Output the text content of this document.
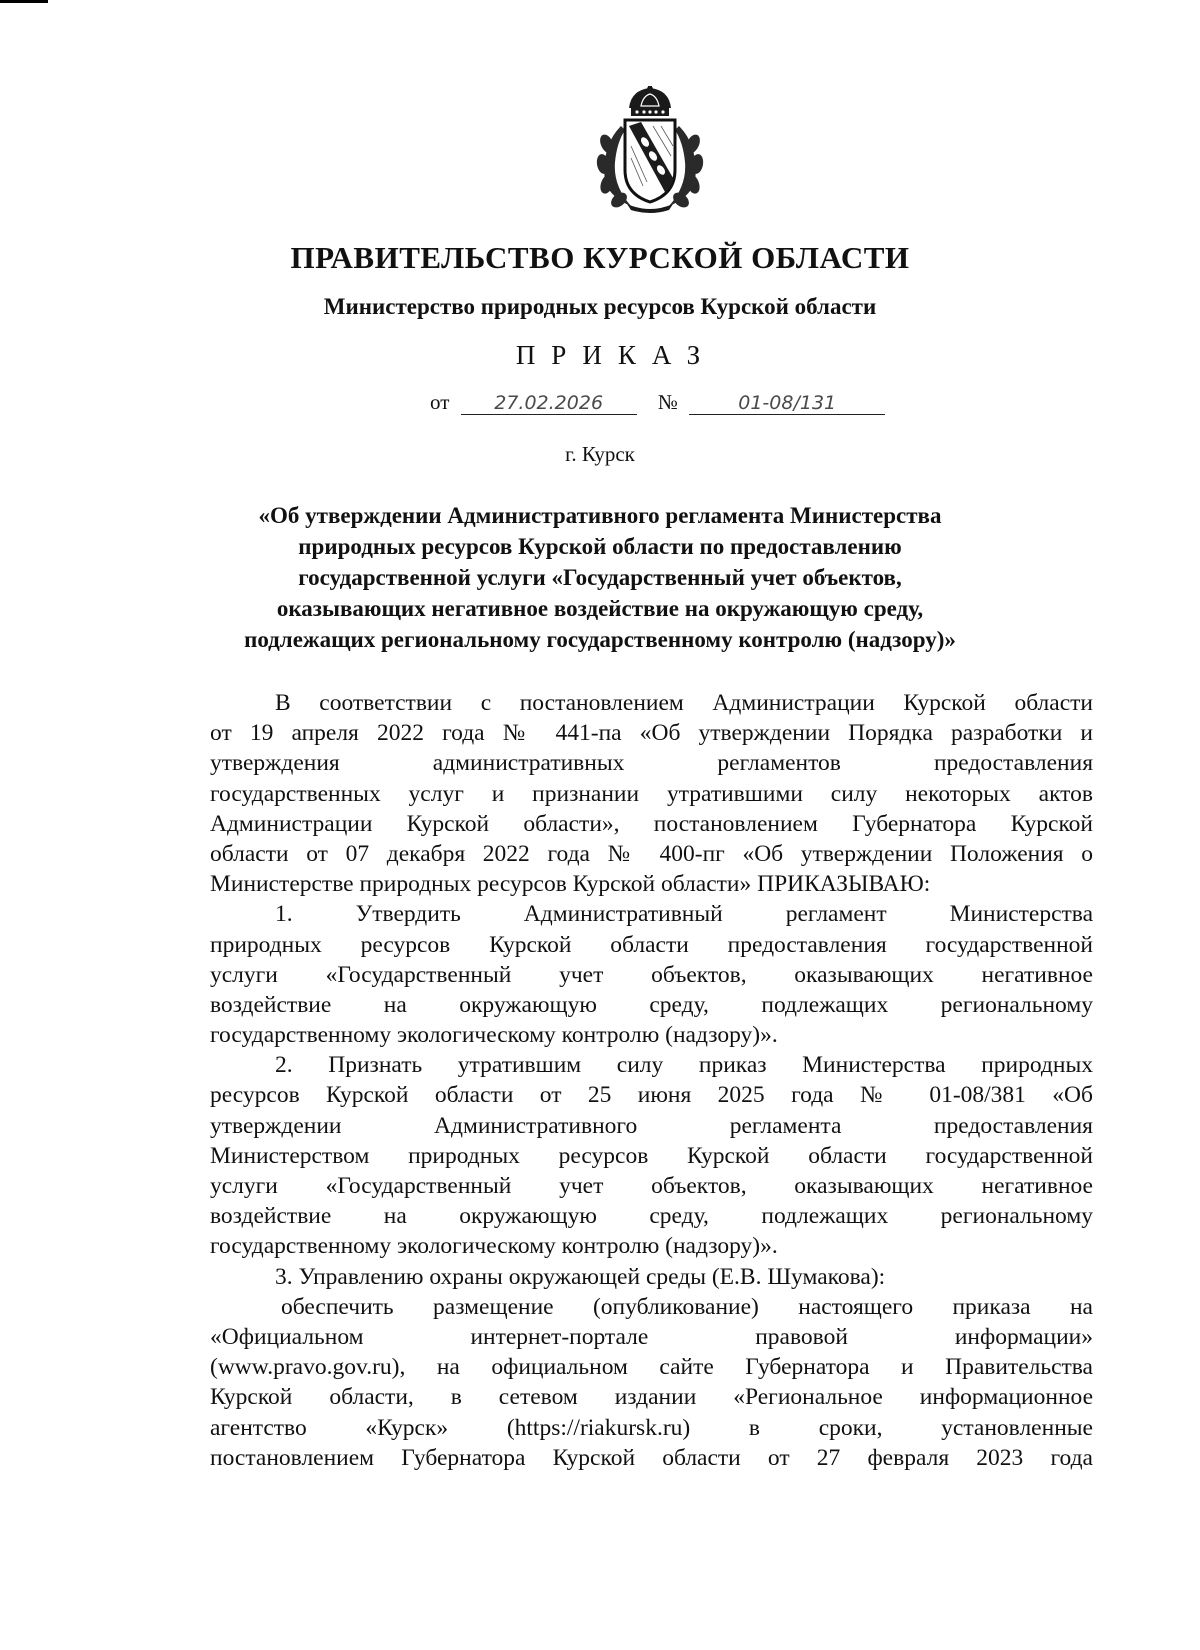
ПРАВИТЕЛЬСТВО КУРСКОЙ ОБЛАСТИ
Министерство природных ресурсов Курской области
ПРИКАЗ
от 27.02.2026	№	01-08/131
г. Курск
«Об утверждении Административного регламента Министерства
природных ресурсов Курской области по предоставлению
государственной услуги «Государственный учет объектов,
оказывающих негативное воздействие на окружающую среду,
подлежащих региональному государственному контролю (надзору)»
В соответствии с постановлением Администрации Курской области
от 19 апреля 2022 года № 441-па «Об утверждении Порядка разработки и
утверждения административных регламентов предоставления
государственных услуг и признании утратившими силу некоторых актов
Администрации Курской области», постановлением Губернатора Курской
области от 07 декабря 2022 года № 400-пг «Об утверждении Положения о
Министерстве природных ресурсов Курской области» ПРИКАЗЫВАЮ:
1. Утвердить Административный регламент Министерства
природных ресурсов Курской области предоставления государственной
услуги «Государственный учет объектов, оказывающих негативное
воздействие на окружающую среду, подлежащих региональному
государственному экологическому контролю (надзору)».
2. Признать утратившим силу приказ Министерства природных
ресурсов Курской области от 25 июня 2025 года № 01-08/381 «Об
утверждении Административного регламента предоставления
Министерством природных ресурсов Курской области государственной
услуги «Государственный учет объектов, оказывающих негативное
воздействие на окружающую среду, подлежащих региональному
государственному экологическому контролю (надзору)».
3. Управлению охраны окружающей среды (Е.В. Шумакова):
обеспечить размещение (опубликование) настоящего приказа на
«Официальном интернет-портале правовой информации»
(www.pravo.gov.ru), на официальном сайте Губернатора и Правительства
Курской области, в сетевом издании «Региональное информационное
агентство «Курск» (https://riakursk.ru) в сроки, установленные
постановлением Губернатора Курской области от 27 февраля 2023 года
